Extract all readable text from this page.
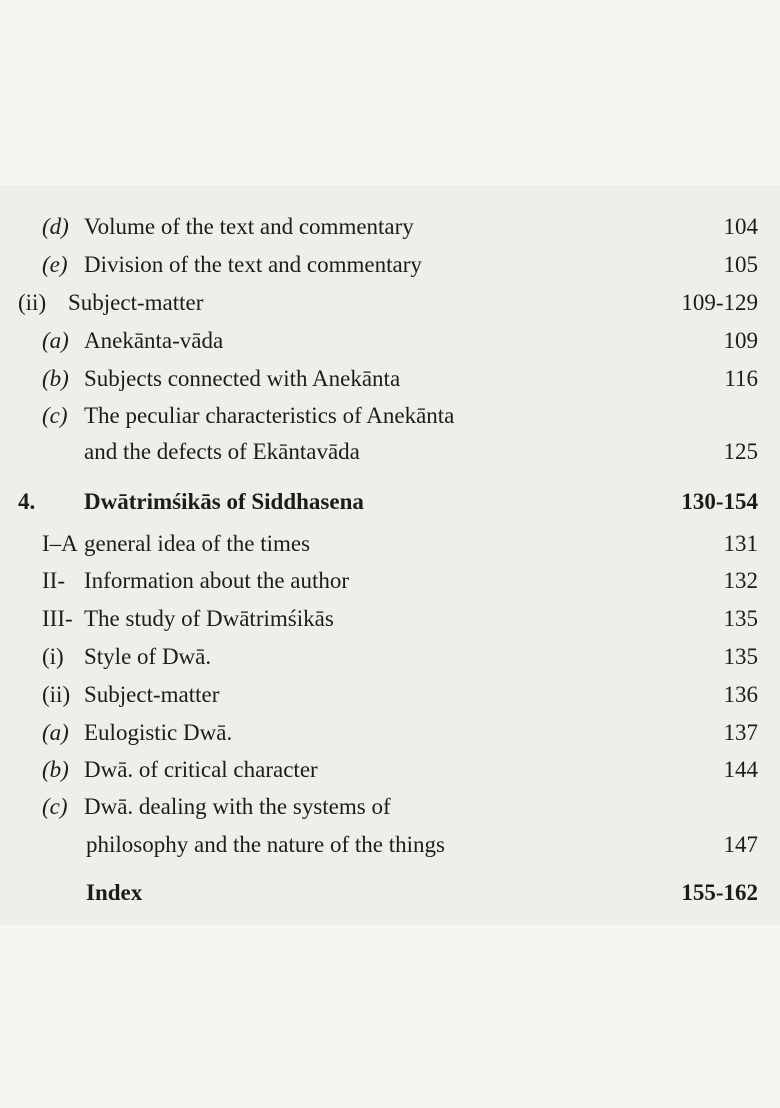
(d) Volume of the text and commentary	104
(e) Division of the text and commentary	105
(ii) Subject-matter	109-129
(a) Anekānta-vāda	109
(b) Subjects connected with Anekānta	116
(c) The peculiar characteristics of Anekānta
and the defects of Ekāntavāda	125
4. Dwātrimśikās of Siddhasena	130-154
I–A general idea of the times	131
II- Information about the author	132
III- The study of Dwātrimśikās	135
(i) Style of Dwā.	135
(ii) Subject-matter	136
(a) Eulogistic Dwā.	137
(b) Dwā. of critical character	144
(c) Dwā. dealing with the systems of
philosophy and the nature of the things	147
Index	155-162
